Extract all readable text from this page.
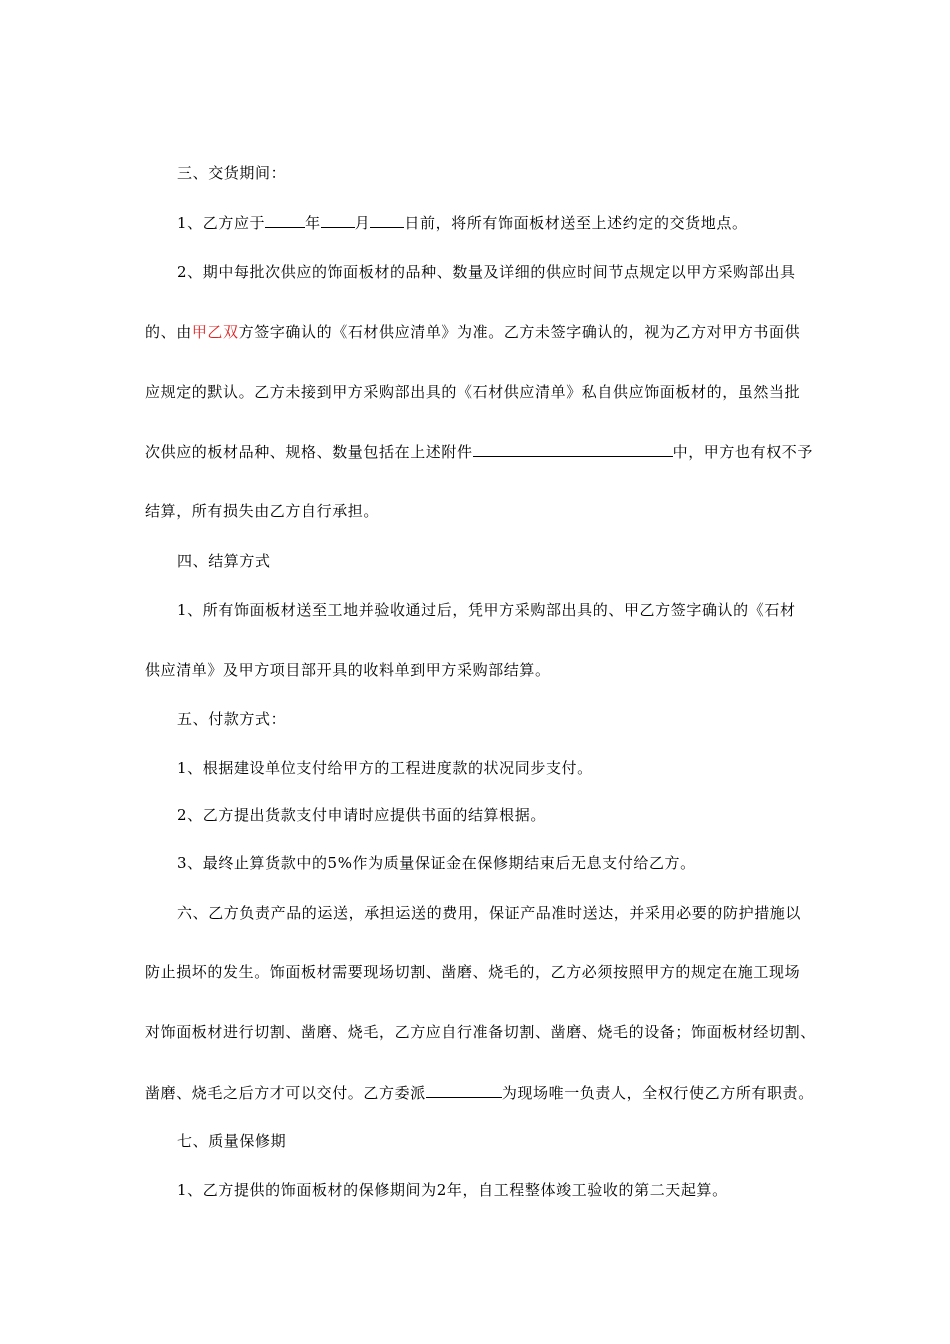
三、交货期间：
1、乙方应于	年 月 日前，将所有饰面板材送至上述约定的交货地点。
2、期中每批次供应的饰面板材的品种、数量及详细的供应时间节点规定以甲方采购部出具
的、由甲乙双方签字确认的《石材供应清单》为准。乙方未签字确认的，视为乙方对甲方书面供
应规定的默认。乙方未接到甲方采购部出具的《石材供应清单》私自供应饰面板材的，虽然当批
次供应的板材品种、规格、数量包括在上述附件	中，甲方也有权不予
结算，所有损失由乙方自行承担。
四、结算方式
1、所有饰面板材送至工地并验收通过后，凭甲方采购部出具的、甲乙方签字确认的《石材
供应清单》及甲方项目部开具的收料单到甲方采购部结算。
五、付款方式：
1、根据建设单位支付给甲方的工程进度款的状况同步支付。
2、乙方提出货款支付申请时应提供书面的结算根据。
3、最终止算货款中的5%作为质量保证金在保修期结束后无息支付给乙方。
六、乙方负责产品的运送，承担运送的费用，保证产品准时送达，并采用必要的防护措施以
防止损坏的发生。饰面板材需要现场切割、凿磨、烧毛的，乙方必须按照甲方的规定在施工现场
对饰面板材进行切割、凿磨、烧毛，乙方应自行准备切割、凿磨、烧毛的设备；饰面板材经切割、
凿磨、烧毛之后方才可以交付。乙方委派	为现场唯一负责人，全权行使乙方所有职责。
七、质量保修期
1、乙方提供的饰面板材的保修期间为2年，自工程整体竣工验收的第二天起算。
